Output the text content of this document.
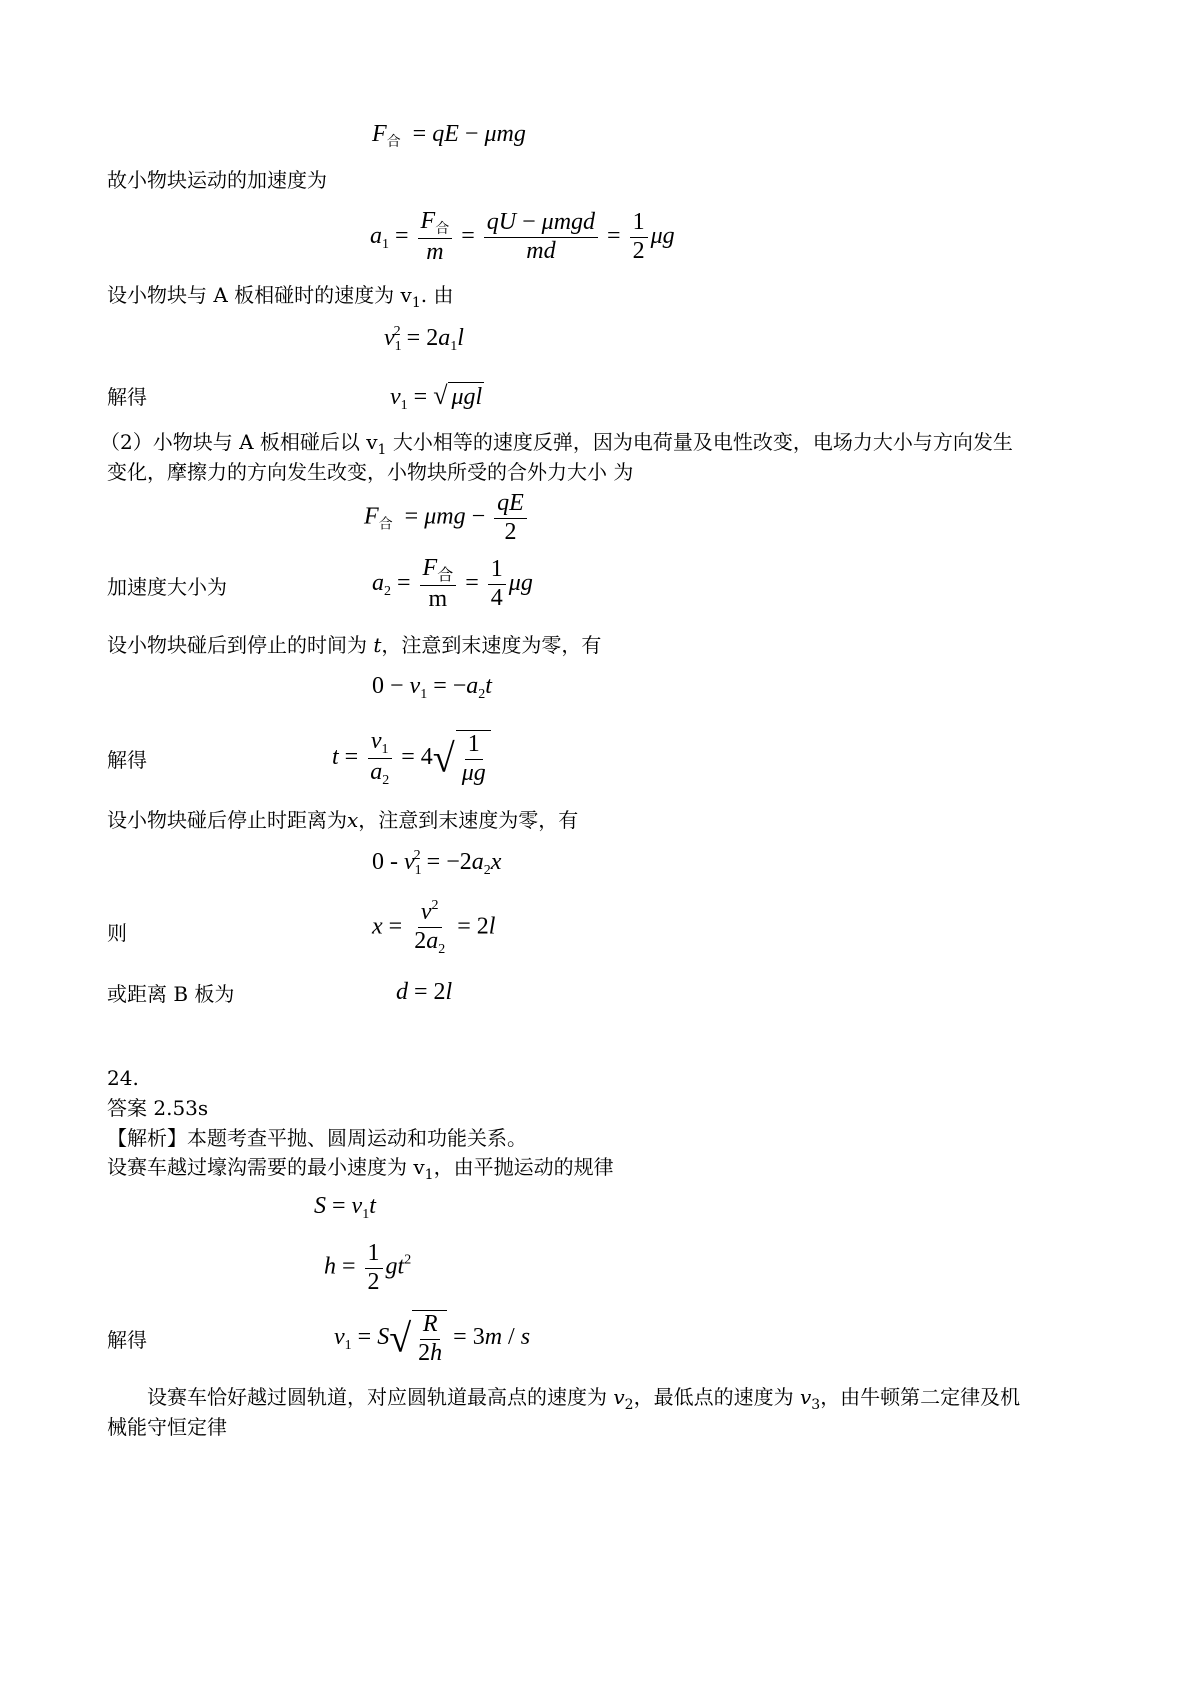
$F_合$  = qE − μmg
故小物块运动的加速度为
$a_1 = \frac{F_合}{m} = \frac{\text{qU − μmgd}}{md} = \frac{1}{2}$ μg
设小物块与 A 板相碰时的速度为 $v_1$. 由
$v_1^2 = 2a_1l$
解得	$v_1$ = √ μgl
（2）小物块与 A 板相碰后以 $v_1$ 大小相等的速度反弹，因为电荷量及电性改变，电场力大小与方向发生
变化，摩擦力的方向发生改变，小物块所受的合外力大小 为
$F_合 = \mu mg - \frac{qE}{2}$
加速度大小为	$a_2 = \frac{F_合}{m} = \frac{1}{4}$ μg
设小物块碰后到停止的时间为 t，注意到末速度为零，有
$0 - v_1 = -a_2t$
解得	$t = \frac{v_1}{a_2} = 4√ \frac{1}{\mu g}$
设小物块碰后停止时距离为x，注意到末速度为零，有
$0 - v_1^2 = -2a_2x$
则	$x = \frac{v^2}{2a_2} = 2l$
或距离 B 板为	d = 2l
24.
答案 2.53s
【解析】本题考查平抛、圆周运动和功能关系。
设赛车越过壕沟需要的最小速度为 $v_1$，由平抛运动的规律
$S = v_1t$
$h = \frac{1}{2} gt^2$
解得	$v_1 = S√ \frac{R}{2h} = 3m / s$
设赛车恰好越过圆轨道，对应圆轨道最高点的速度为 $v_2$，最低点的速度为 $v_3$，由牛顿第二定律及机
械能守恒定律
